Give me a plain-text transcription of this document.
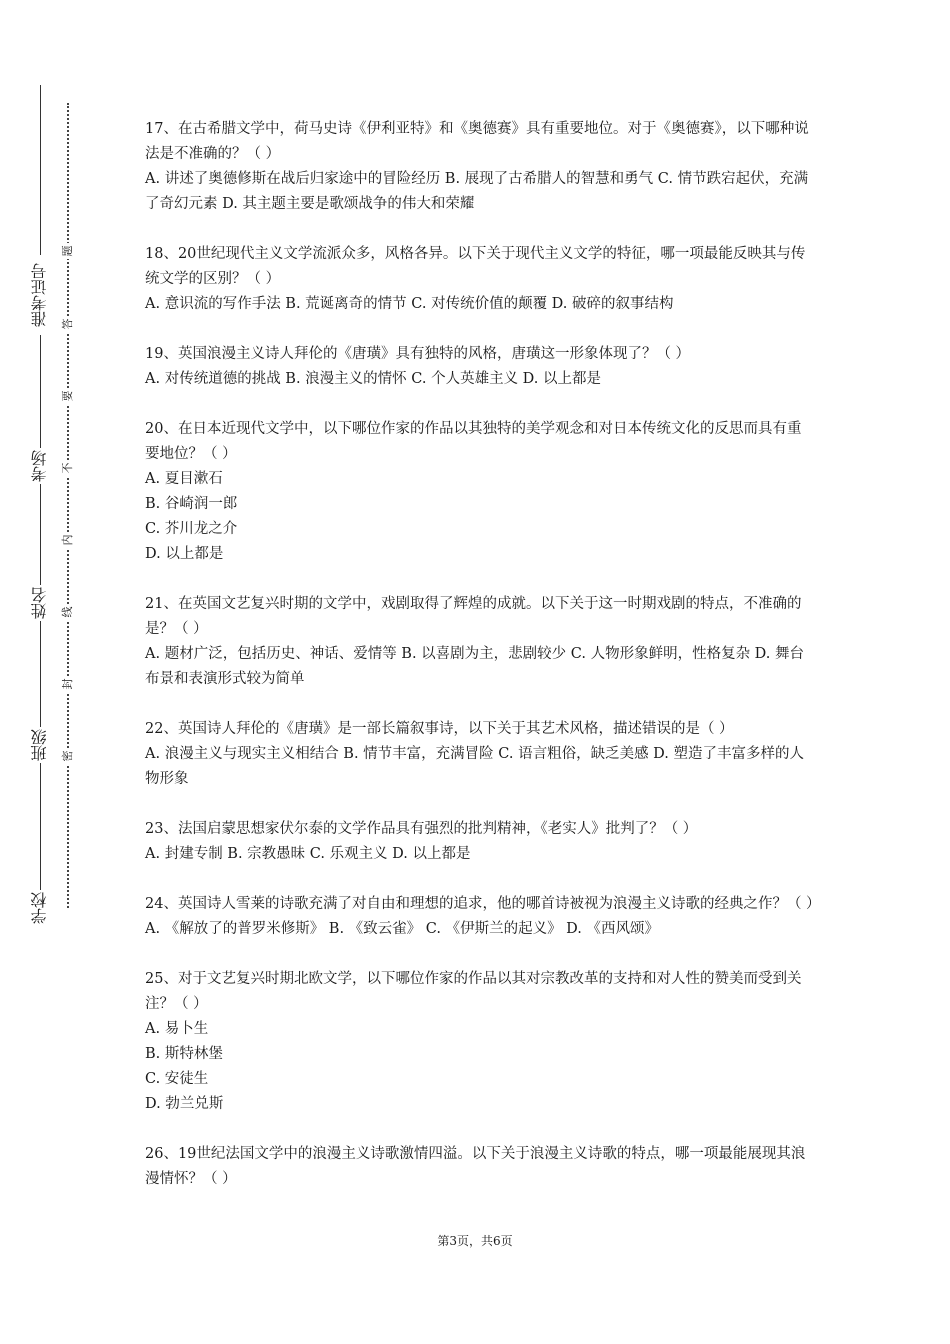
学校
班级
姓名
考场
准考证号
题
答
要
不
内
线
封
密

17、在古希腊文学中，荷马史诗《伊利亚特》和《奥德赛》具有重要地位。对于《奥德赛》，以下哪种说法是不准确的？（ ）

A. 讲述了奥德修斯在战后归家途中的冒险经历 B. 展现了古希腊人的智慧和勇气 C. 情节跌宕起伏，充满了奇幻元素 D. 其主题主要是歌颂战争的伟大和荣耀

18、20世纪现代主义文学流派众多，风格各异。以下关于现代主义文学的特征，哪一项最能反映其与传统文学的区别？（ ）

A. 意识流的写作手法 B. 荒诞离奇的情节 C. 对传统价值的颠覆 D. 破碎的叙事结构

19、英国浪漫主义诗人拜伦的《唐璜》具有独特的风格，唐璜这一形象体现了？（ ）

A. 对传统道德的挑战 B. 浪漫主义的情怀 C. 个人英雄主义 D. 以上都是

20、在日本近现代文学中，以下哪位作家的作品以其独特的美学观念和对日本传统文化的反思而具有重要地位？（ ）

A. 夏目漱石

B. 谷崎润一郎

C. 芥川龙之介

D. 以上都是

21、在英国文艺复兴时期的文学中，戏剧取得了辉煌的成就。以下关于这一时期戏剧的特点，不准确的是？（ ）

A. 题材广泛，包括历史、神话、爱情等 B. 以喜剧为主，悲剧较少 C. 人物形象鲜明，性格复杂 D. 舞台布景和表演形式较为简单

22、英国诗人拜伦的《唐璜》是一部长篇叙事诗，以下关于其艺术风格，描述错误的是（ ）

A. 浪漫主义与现实主义相结合 B. 情节丰富，充满冒险 C. 语言粗俗，缺乏美感 D. 塑造了丰富多样的人物形象

23、法国启蒙思想家伏尔泰的文学作品具有强烈的批判精神，《老实人》批判了？（ ）

A. 封建专制 B. 宗教愚昧 C. 乐观主义 D. 以上都是

24、英国诗人雪莱的诗歌充满了对自由和理想的追求，他的哪首诗被视为浪漫主义诗歌的经典之作？（ ）

A. 《解放了的普罗米修斯》 B. 《致云雀》 C. 《伊斯兰的起义》 D. 《西风颂》

25、对于文艺复兴时期北欧文学，以下哪位作家的作品以其对宗教改革的支持和对人性的赞美而受到关注？（ ）

A. 易卜生

B. 斯特林堡

C. 安徒生

D. 勃兰兑斯

26、19世纪法国文学中的浪漫主义诗歌激情四溢。以下关于浪漫主义诗歌的特点，哪一项最能展现其浪漫情怀？（ ）

第3页，共6页
